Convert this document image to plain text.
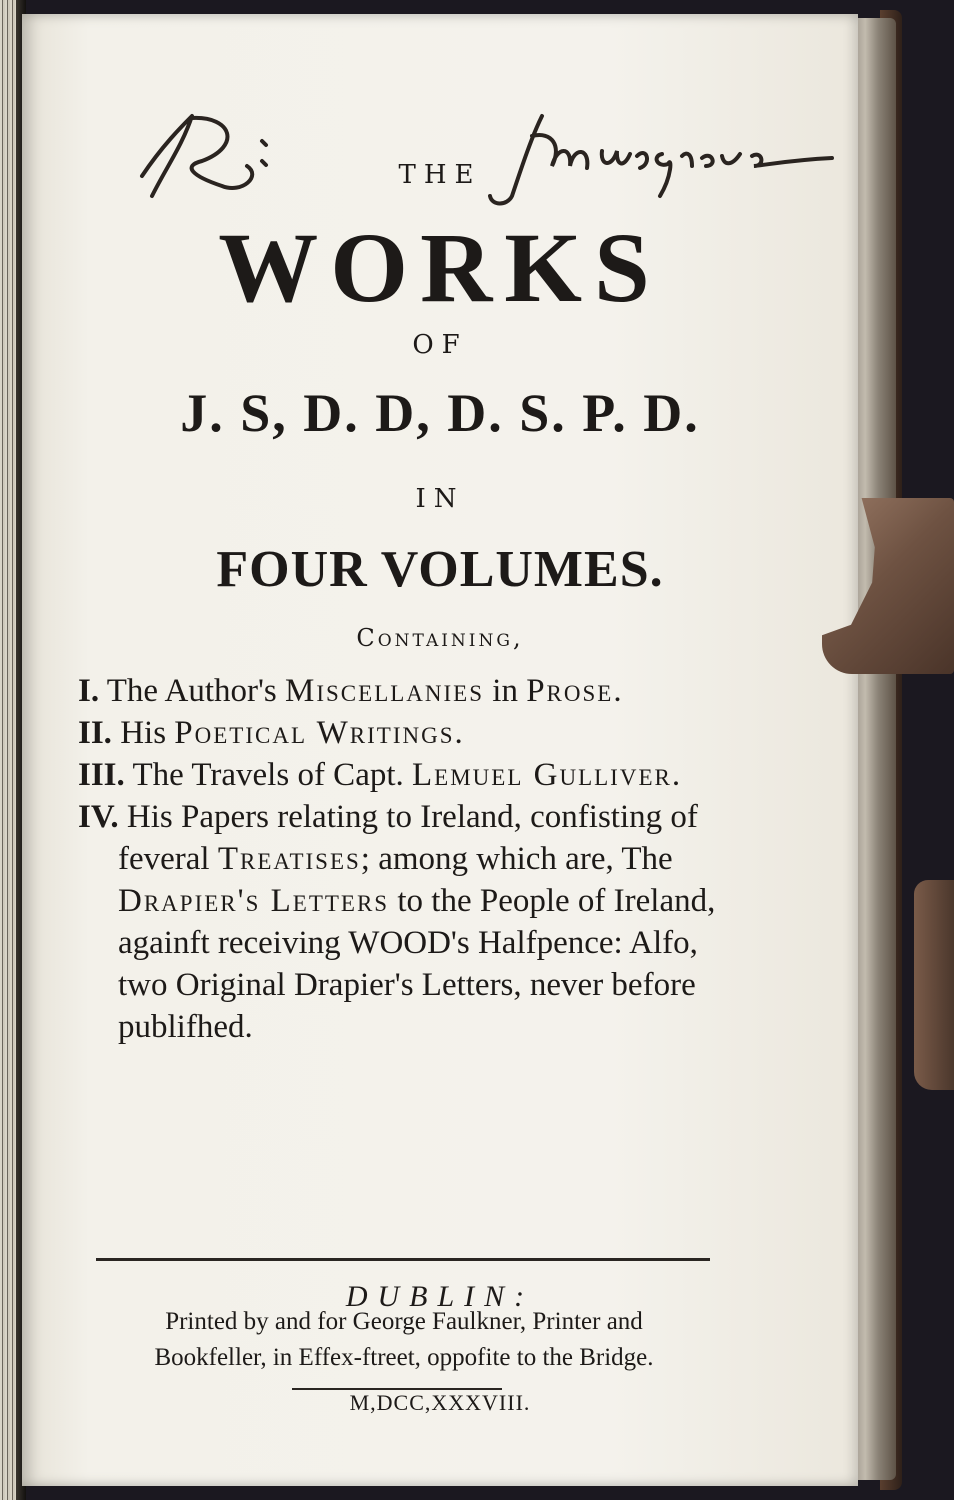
R: Musgrave
THE
WORKS
OF
J. S, D. D, D. S. P. D.
IN
FOUR VOLUMES.
Containing,

I. The Author's Miscellanies in Prose.

II. His Poetical Writings.

III. The Travels of Capt. Lemuel Gulliver.

IV. His Papers relating to Ireland, confisting of feveral Treatises; among which are, The Drapier's Letters to the People of Ireland, againft receiving WOOD's Halfpence: Alfo, two Original Drapier's Letters, never before publifhed.

DUBLIN:
Printed by and for George Faulkner, Printer and
Bookfeller, in Effex-ftreet, oppofite to the Bridge.
M,DCC,XXXVIII.
